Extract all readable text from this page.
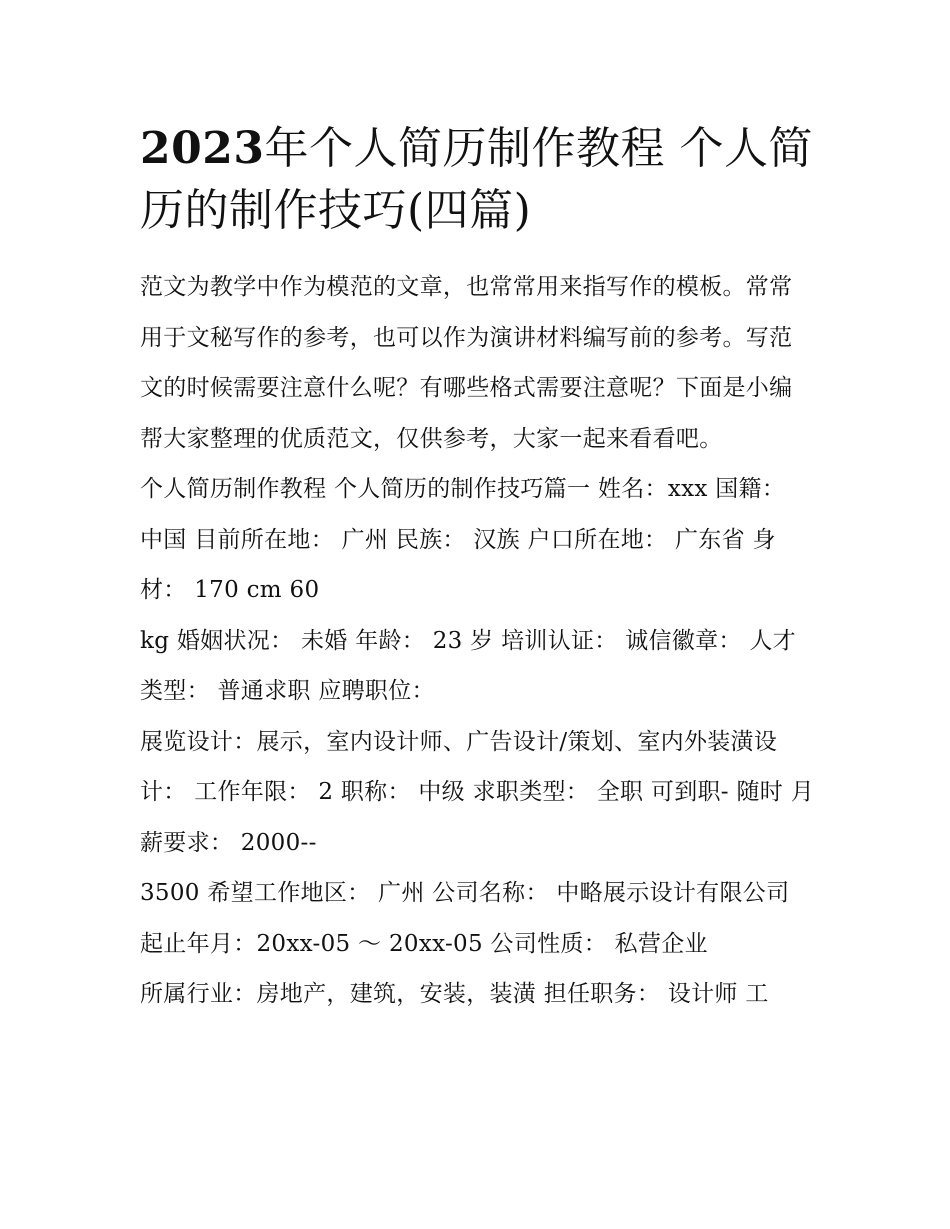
2023年个人简历制作教程 个人简历的制作技巧(四篇)

范文为教学中作为模范的文章，也常常用来指写作的模板。常常用于文秘写作的参考，也可以作为演讲材料编写前的参考。写范文的时候需要注意什么呢？有哪些格式需要注意呢？下面是小编帮大家整理的优质范文，仅供参考，大家一起来看看吧。

个人简历制作教程 个人简历的制作技巧篇一 姓名：xxx 国籍： 中国 目前所在地： 广州 民族： 汉族 户口所在地： 广东省 身材： 170 cm 60

kg 婚姻状况： 未婚 年龄： 23 岁 培训认证： 诚信徽章： 人才类型： 普通求职 应聘职位：

展览设计：展示，室内设计师、广告设计/策划、室内外装潢设计： 工作年限： 2 职称： 中级 求职类型： 全职 可到职- 随时 月薪要求： 2000--

3500 希望工作地区： 广州 公司名称： 中略展示设计有限公司 起止年月：20xx-05 ～ 20xx-05 公司性质： 私营企业

所属行业：房地产，建筑，安装，装潢 担任职务： 设计师 工
